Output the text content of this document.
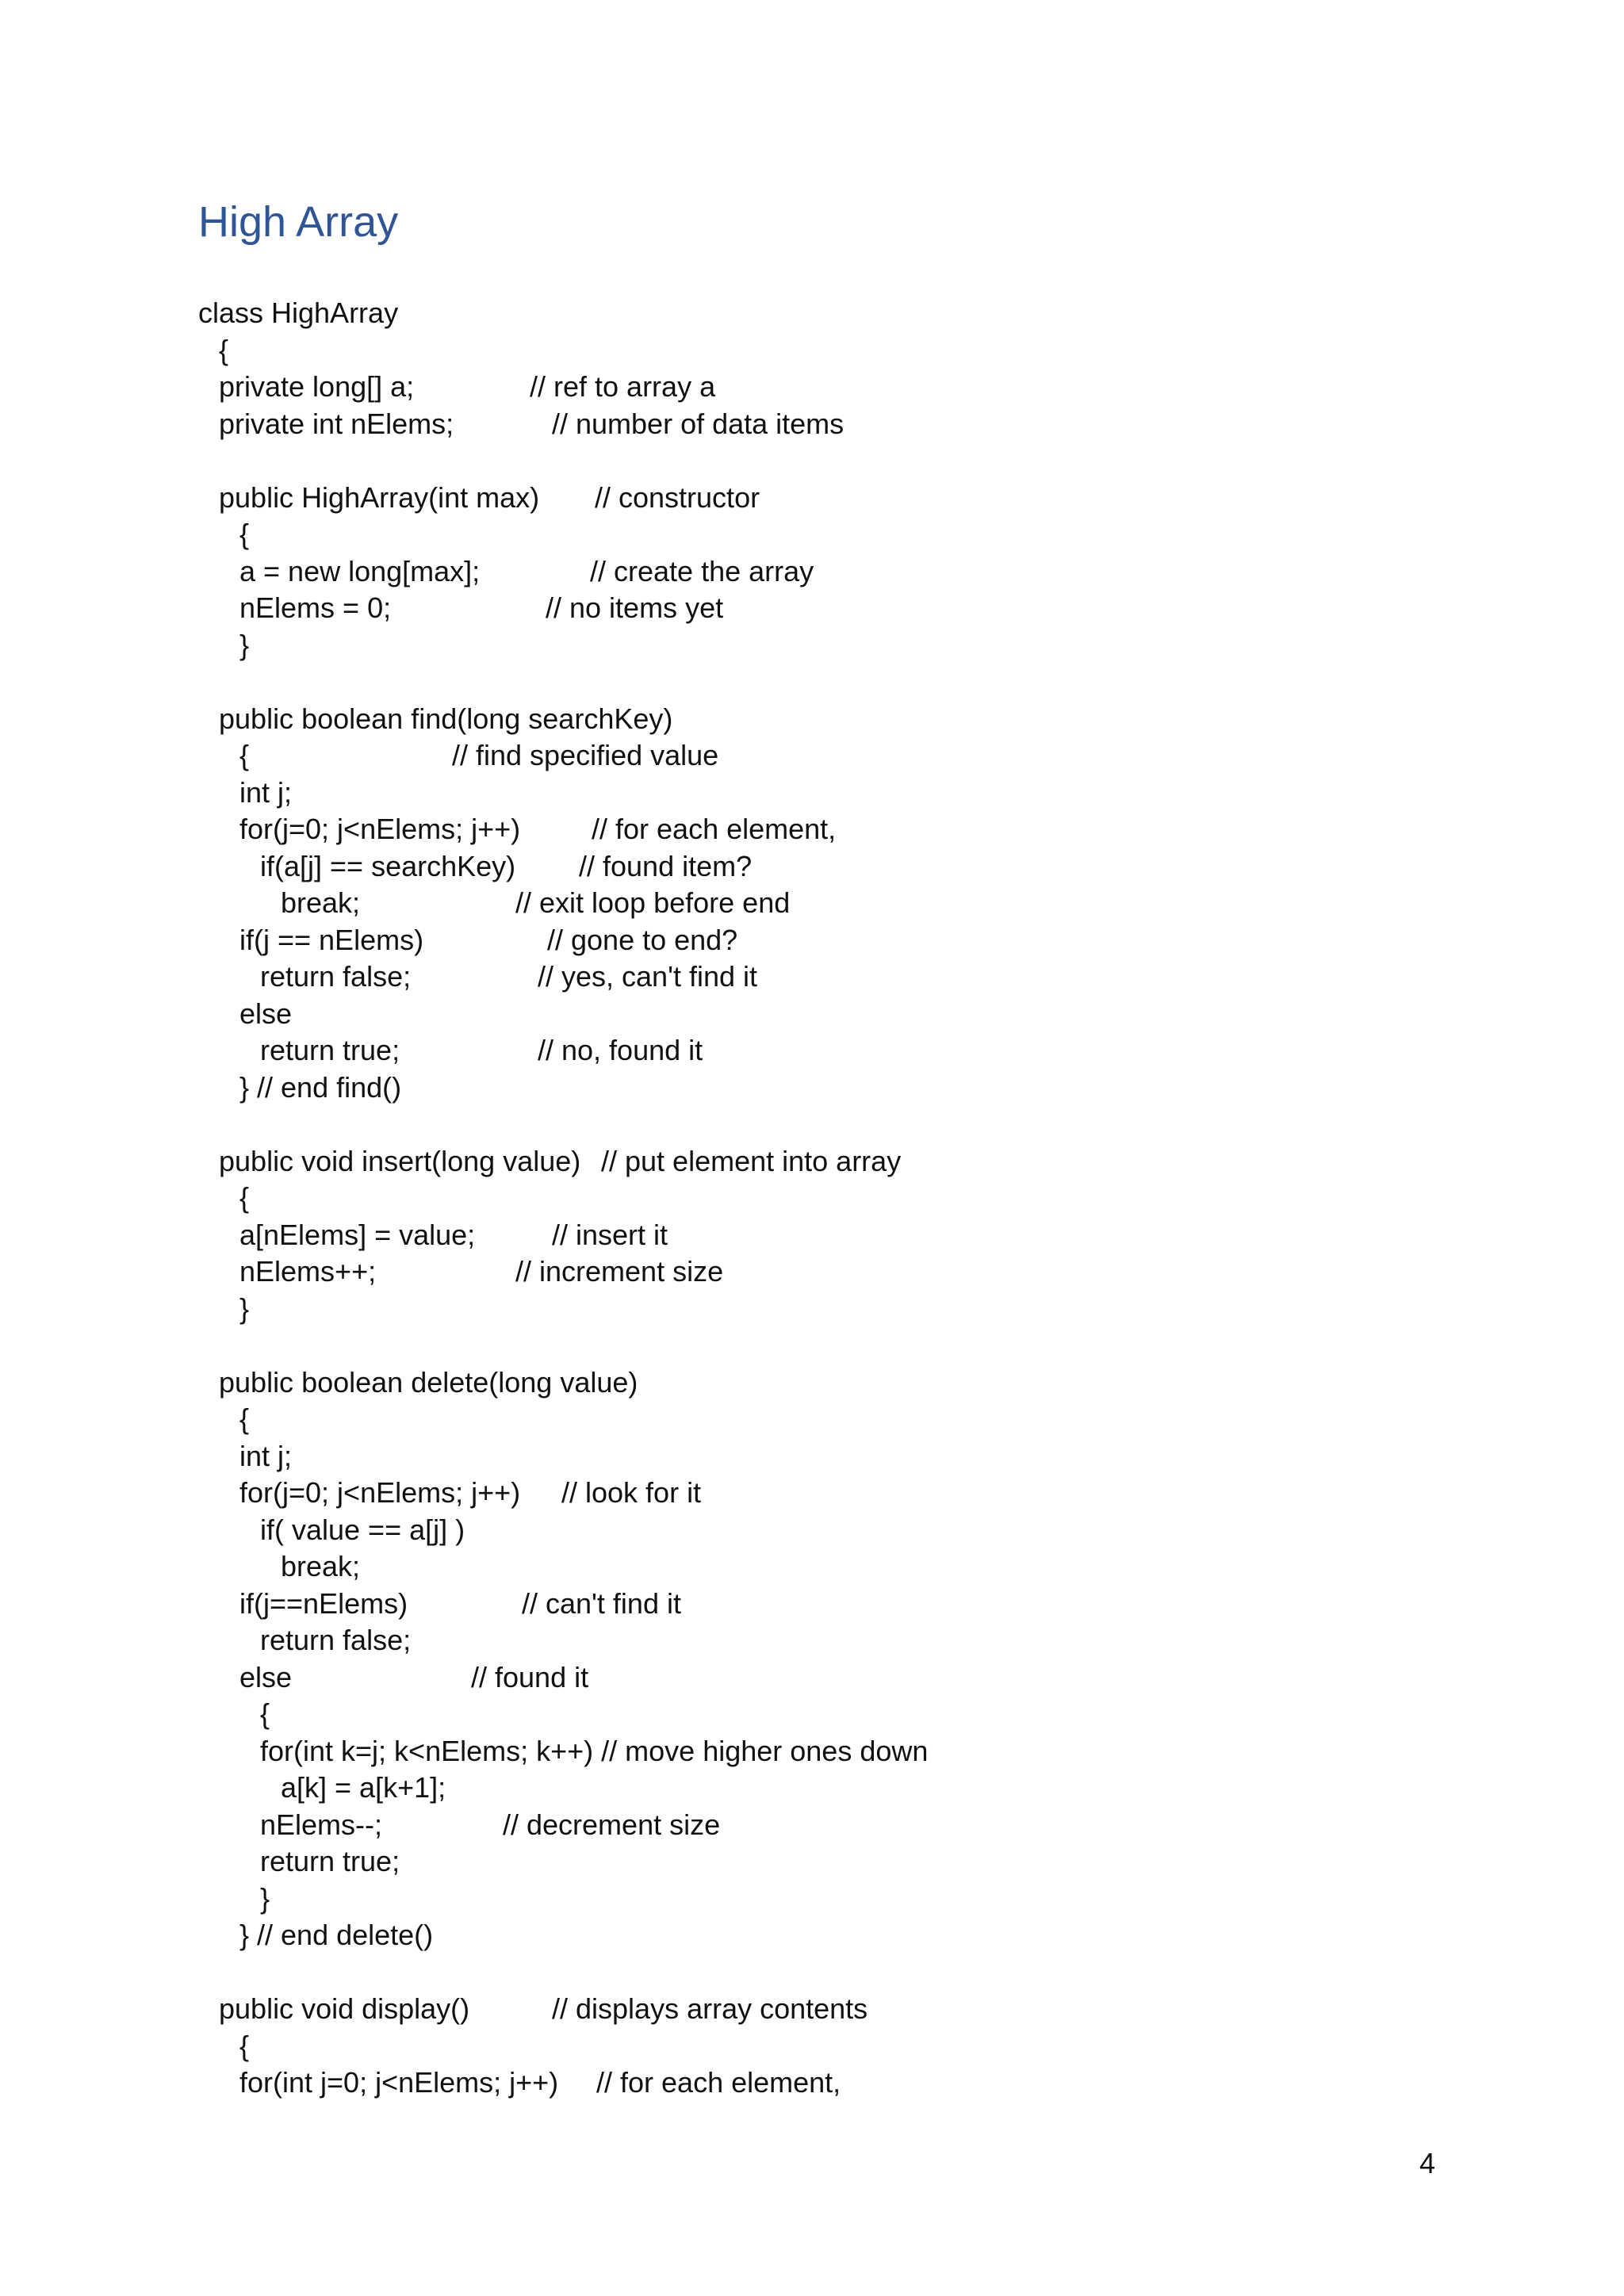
High Array
class HighArray
{
private long[] a;	// ref to array a
private int nElems;	// number of data items
public HighArray(int max) // constructor
{
a = new long[max];	// create the array
nElems = 0;	// no items yet
}
public boolean find(long searchKey)
{	// find specified value
int j;
for(j=0; j<nElems; j++) // for each element,
if(a[j] == searchKey) // found item?
break;	// exit loop before end
if(j == nElems)	// gone to end?
return false;	// yes, can't find it
else
return true;	// no, found it
} // end find()
public void insert(long value) // put element into array
{
a[nElems] = value;	// insert it
nElems++;	// increment size
}
public boolean delete(long value)
{
int j;
for(j=0; j<nElems; j++) // look for it
if( value == a[j] )
break;
if(j==nElems)	// can't find it
return false;
else	// found it
{
for(int k=j; k<nElems; k++) // move higher ones down
a[k] = a[k+1];
nElems--;	// decrement size
return true;
}
} // end delete()
public void display()	// displays array contents
{
for(int j=0; j<nElems; j++) // for each element,
4
